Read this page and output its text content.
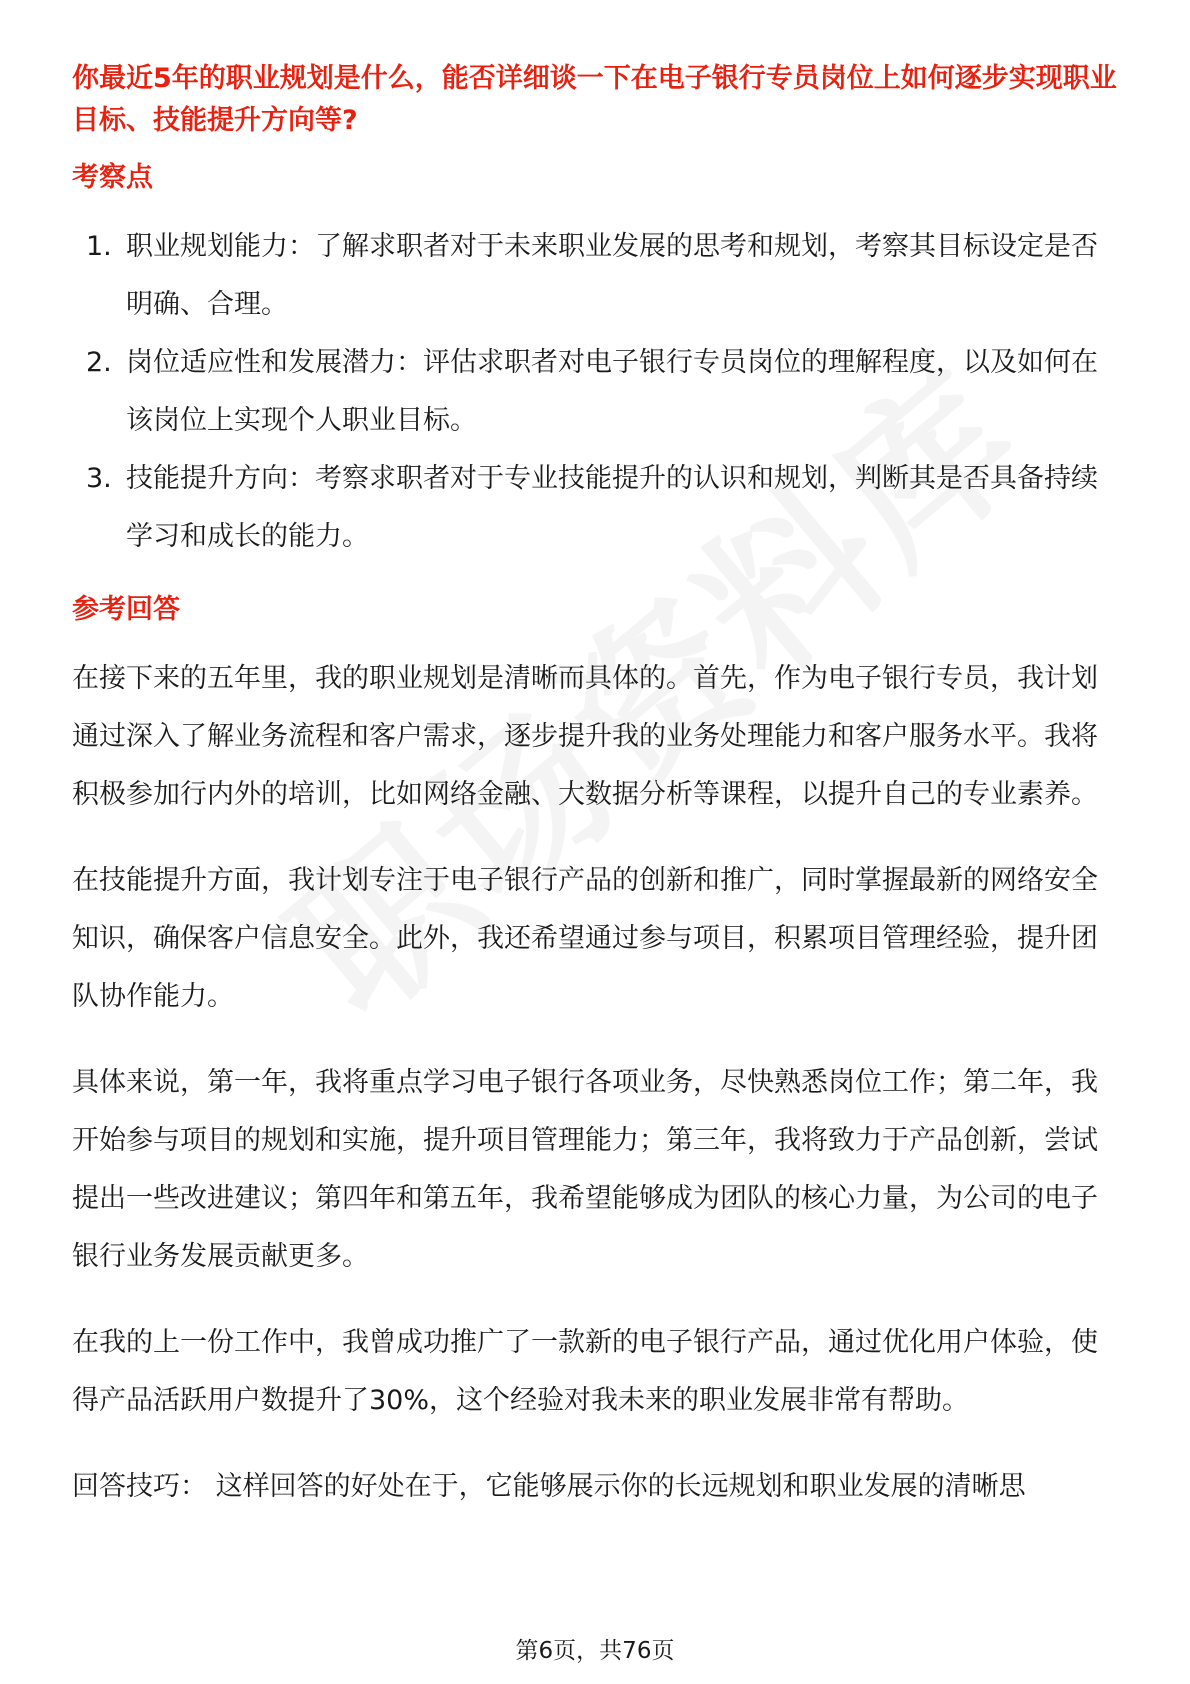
你最近5年的职业规划是什么，能否详细谈一下在电子银行专员岗位上如何逐步实现职业目标、技能提升方向等?

考察点

1. 职业规划能力：了解求职者对于未来职业发展的思考和规划，考察其目标设定是否明确、合理。
2. 岗位适应性和发展潜力：评估求职者对电子银行专员岗位的理解程度，以及如何在该岗位上实现个人职业目标。
3. 技能提升方向：考察求职者对于专业技能提升的认识和规划，判断其是否具备持续学习和成长的能力。

参考回答

在接下来的五年里，我的职业规划是清晰而具体的。首先，作为电子银行专员，我计划通过深入了解业务流程和客户需求，逐步提升我的业务处理能力和客户服务水平。我将积极参加行内外的培训，比如网络金融、大数据分析等课程，以提升自己的专业素养。

在技能提升方面，我计划专注于电子银行产品的创新和推广，同时掌握最新的网络安全知识，确保客户信息安全。此外，我还希望通过参与项目，积累项目管理经验，提升团队协作能力。

具体来说，第一年，我将重点学习电子银行各项业务，尽快熟悉岗位工作；第二年，我开始参与项目的规划和实施，提升项目管理能力；第三年，我将致力于产品创新，尝试提出一些改进建议；第四年和第五年，我希望能够成为团队的核心力量，为公司的电子银行业务发展贡献更多。

在我的上一份工作中，我曾成功推广了一款新的电子银行产品，通过优化用户体验，使得产品活跃用户数提升了30%，这个经验对我未来的职业发展非常有帮助。

回答技巧： 这样回答的好处在于，它能够展示你的长远规划和职业发展的清晰思

第6页，共76页
